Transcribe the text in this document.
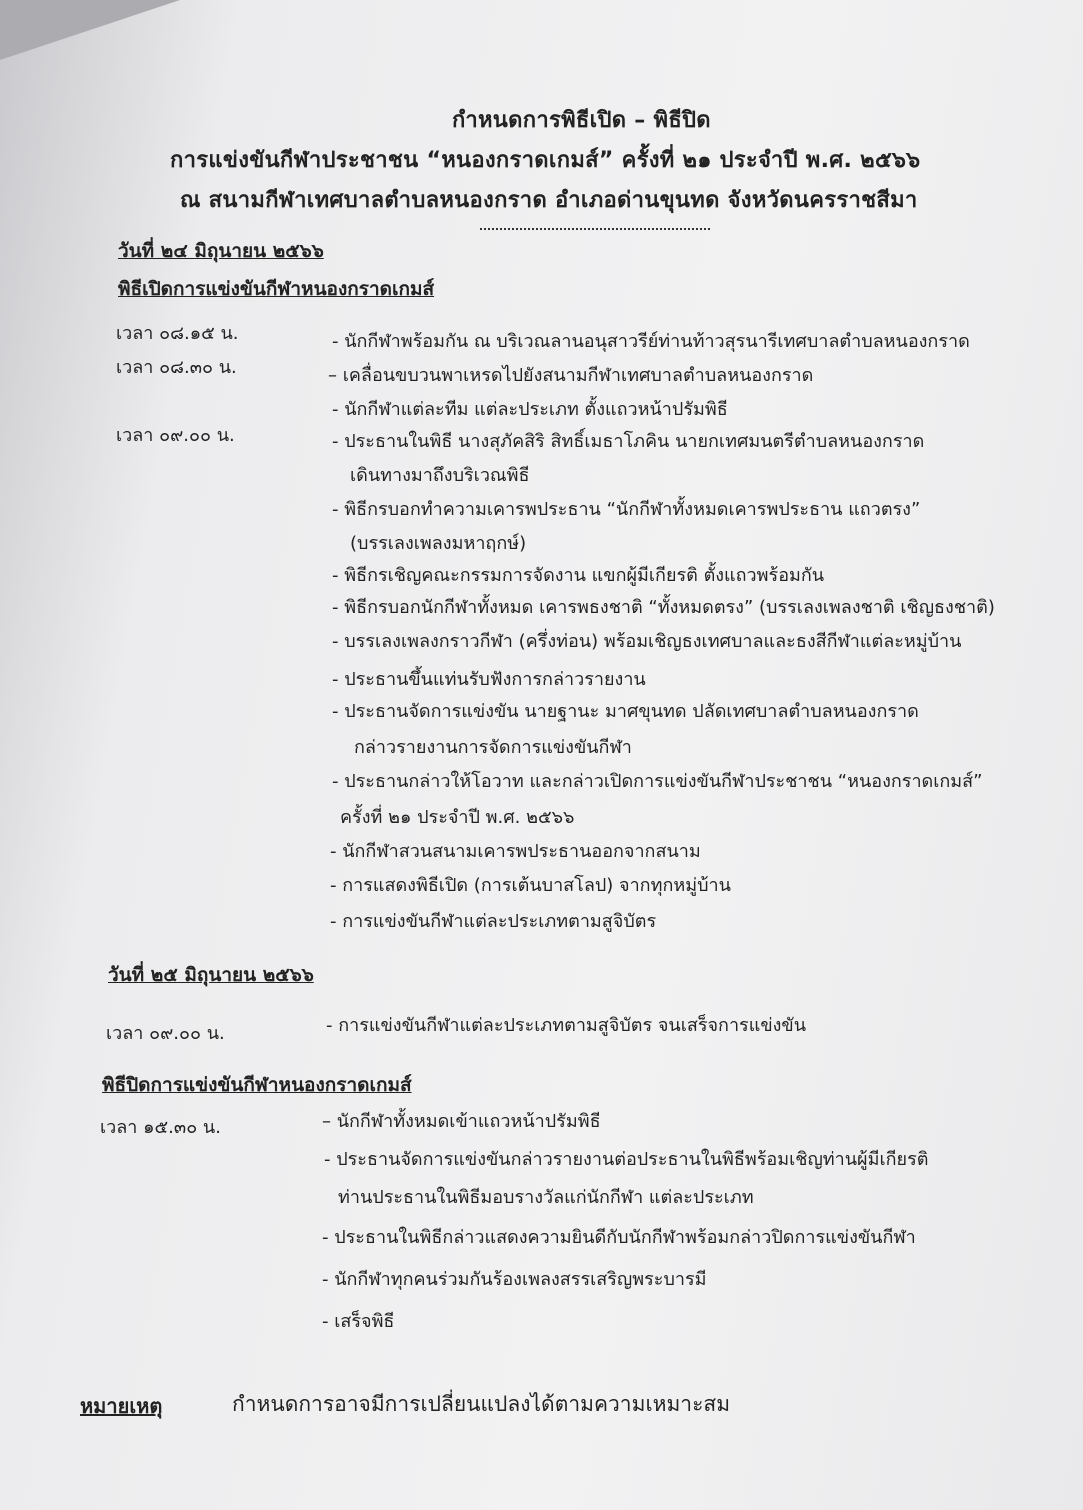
กำหนดการพิธีเปิด – พิธีปิด
การแข่งขันกีฬาประชาชน “หนองกราดเกมส์” ครั้งที่ ๒๑ ประจำปี พ.ศ. ๒๕๖๖
ณ สนามกีฬาเทศบาลตำบลหนองกราด อำเภอด่านขุนทด จังหวัดนครราชสีมา
วันที่ ๒๔ มิถุนายน ๒๕๖๖
พิธีเปิดการแข่งขันกีฬาหนองกราดเกมส์
เวลา ๐๘.๑๕ น.	- นักกีฬาพร้อมกัน ณ บริเวณลานอนุสาวรีย์ท่านท้าวสุรนารีเทศบาลตำบลหนองกราด
เวลา ๐๘.๓๐ น.	– เคลื่อนขบวนพาเหรดไปยังสนามกีฬาเทศบาลตำบลหนองกราด
- นักกีฬาแต่ละทีม แต่ละประเภท ตั้งแถวหน้าปรัมพิธี
เวลา ๐๙.๐๐ น.	- ประธานในพิธี นางสุภัคสิริ สิทธิ์เมธาโภคิน นายกเทศมนตรีตำบลหนองกราด
เดินทางมาถึงบริเวณพิธี
- พิธีกรบอกทำความเคารพประธาน “นักกีฬาทั้งหมดเคารพประธาน แถวตรง”
(บรรเลงเพลงมหาฤกษ์)
- พิธีกรเชิญคณะกรรมการจัดงาน แขกผู้มีเกียรติ ตั้งแถวพร้อมกัน
- พิธีกรบอกนักกีฬาทั้งหมด เคารพธงชาติ “ทั้งหมดตรง” (บรรเลงเพลงชาติ เชิญธงชาติ)
- บรรเลงเพลงกราวกีฬา (ครึ่งท่อน) พร้อมเชิญธงเทศบาลและธงสีกีฬาแต่ละหมู่บ้าน
- ประธานขึ้นแท่นรับฟังการกล่าวรายงาน
- ประธานจัดการแข่งขัน นายฐานะ มาศขุนทด ปลัดเทศบาลตำบลหนองกราด
กล่าวรายงานการจัดการแข่งขันกีฬา
- ประธานกล่าวให้โอวาท และกล่าวเปิดการแข่งขันกีฬาประชาชน “หนองกราดเกมส์”
ครั้งที่ ๒๑ ประจำปี พ.ศ. ๒๕๖๖
- นักกีฬาสวนสนามเคารพประธานออกจากสนาม
- การแสดงพิธีเปิด (การเต้นบาสโลป) จากทุกหมู่บ้าน
- การแข่งขันกีฬาแต่ละประเภทตามสูจิบัตร
วันที่ ๒๕ มิถุนายน ๒๕๖๖
เวลา ๐๙.๐๐ น.	- การแข่งขันกีฬาแต่ละประเภทตามสูจิบัตร จนเสร็จการแข่งขัน
พิธีปิดการแข่งขันกีฬาหนองกราดเกมส์
เวลา ๑๕.๓๐ น.	– นักกีฬาทั้งหมดเข้าแถวหน้าปรัมพิธี
- ประธานจัดการแข่งขันกล่าวรายงานต่อประธานในพิธีพร้อมเชิญท่านผู้มีเกียรติ
ท่านประธานในพิธีมอบรางวัลแก่นักกีฬา แต่ละประเภท
- ประธานในพิธีกล่าวแสดงความยินดีกับนักกีฬาพร้อมกล่าวปิดการแข่งขันกีฬา
- นักกีฬาทุกคนร่วมกันร้องเพลงสรรเสริญพระบารมี
- เสร็จพิธี
หมายเหตุ	กำหนดการอาจมีการเปลี่ยนแปลงได้ตามความเหมาะสม
